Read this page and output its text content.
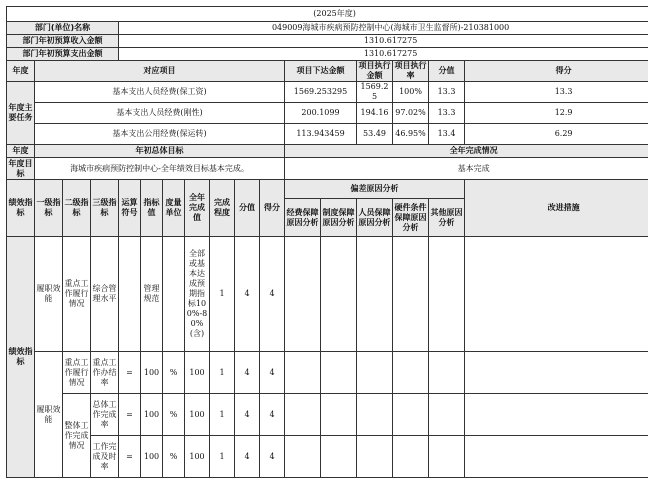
(2025年度)																
部门(单位)名称				049009海城市疾病预防控制中心(海城市卫生监督所)-210381000												
部门年初预算收入金额				1310.617275												
部门年初预算支出金额				1310.617275												
年度	对应项目										项目下达金额		项目执行金额	项目执行率	分值	得分
年度主要任务	基本支出人员经费(保工资)										1569.253295		1569.25	100%	13.3	13.3
	基本支出人员经费(刚性)										200.1099		194.16	97.02%	13.3	12.9
	基本支出公用经费(保运转)										113.943459		53.49	46.95%	13.4	6.29
年度	年初总体目标										全年完成情况					
年度目标	海城市疾病预防控制中心-全年绩效目标基本完成。										基本完成					
绩效指标	一级指标	二级指标	三级指标	运算符号	指标值	度量单位	全年完成值	完成程度	分值	得分	偏差原因分析					改进措施
											经费保障原因分析	制度保障原因分析	人员保障原因分析	硬件条件保障原因分析	其他原因分析	
绩效指标	履职效能	重点工作履行情况	综合管理水平		管理规范		全部或基本达成预期指标100%-80%(含)	1	4	4						
	履职效能	重点工作履行情况	重点工作办结率	=	100	%	100	1	4	4						
		整体工作完成情况	总体工作完成率	=	100	%	100	1	4	4						
			工作完成及时率	=	100	%	100	1	4	4						
